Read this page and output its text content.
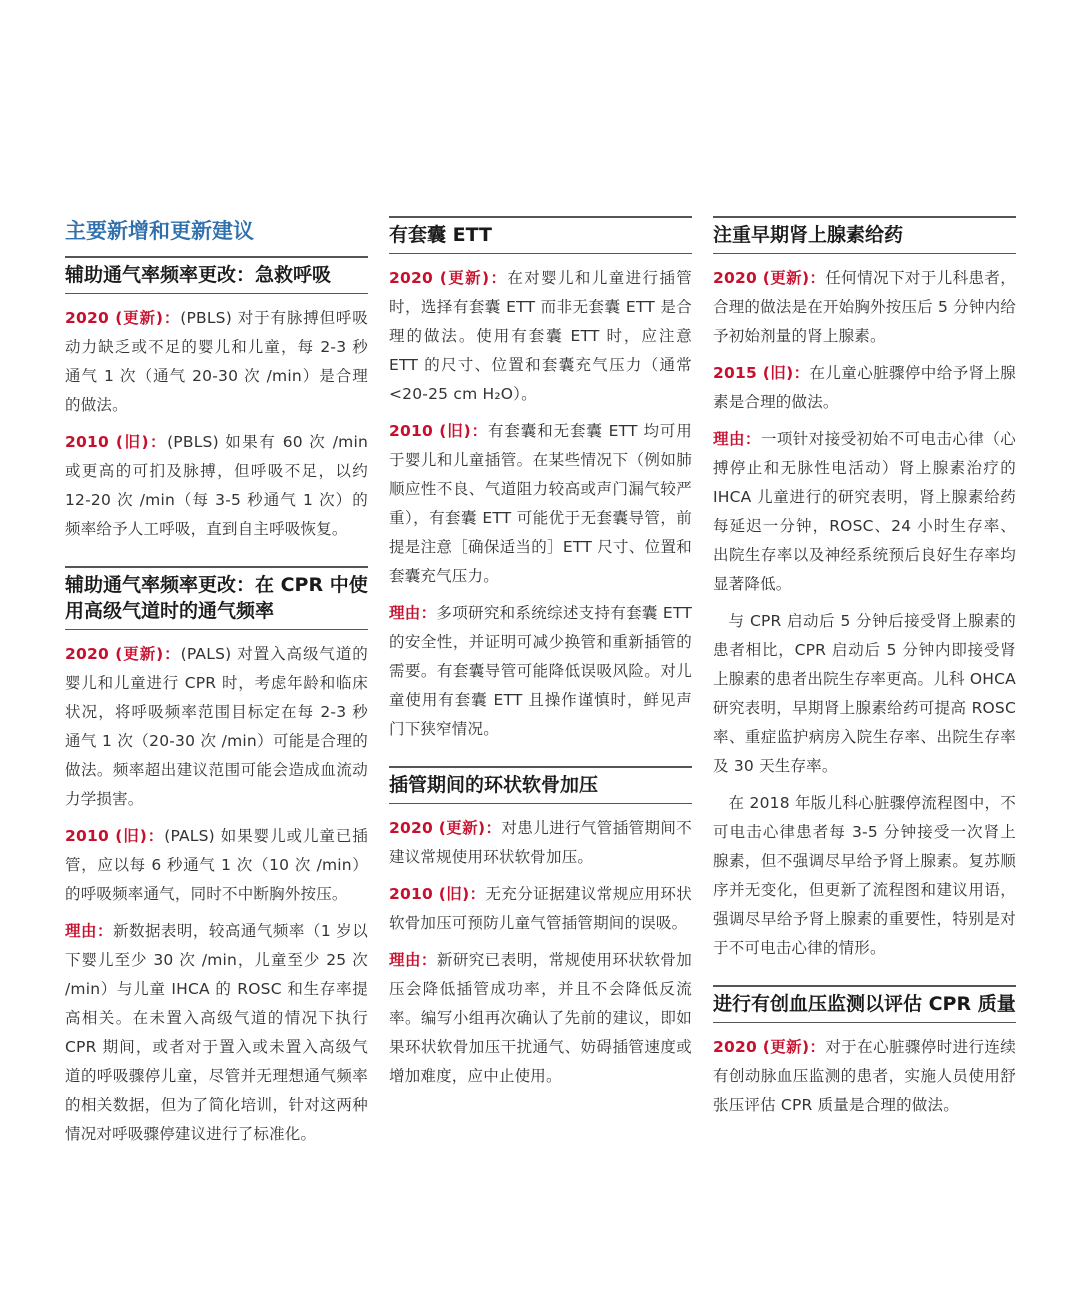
主要新增和更新建议
辅助通气率频率更改：急救呼吸

2020 (更新)：(PBLS) 对于有脉搏但呼吸动力缺乏或不足的婴儿和儿童，每 2-3 秒通气 1 次（通气 20-30 次 /min）是合理的做法。

2010 (旧)：(PBLS) 如果有 60 次 /min 或更高的可扪及脉搏，但呼吸不足，以约 12-20 次 /min（每 3-5 秒通气 1 次）的频率给予人工呼吸，直到自主呼吸恢复。

辅助通气率频率更改：在 CPR 中使用高级气道时的通气频率

2020 (更新)：(PALS) 对置入高级气道的婴儿和儿童进行 CPR 时，考虑年龄和临床状况，将呼吸频率范围目标定在每 2-3 秒通气 1 次（20-30 次 /min）可能是合理的做法。频率超出建议范围可能会造成血流动力学损害。

2010 (旧)：(PALS) 如果婴儿或儿童已插管，应以每 6 秒通气 1 次（10 次 /min）的呼吸频率通气，同时不中断胸外按压。

理由：新数据表明，较高通气频率（1 岁以下婴儿至少 30 次 /min，儿童至少 25 次 /min）与儿童 IHCA 的 ROSC 和生存率提高相关。在未置入高级气道的情况下执行 CPR 期间，或者对于置入或未置入高级气道的呼吸骤停儿童，尽管并无理想通气频率的相关数据，但为了简化培训，针对这两种情况对呼吸骤停建议进行了标准化。

有套囊 ETT

2020 (更新)：在对婴儿和儿童进行插管时，选择有套囊 ETT 而非无套囊 ETT 是合理的做法。使用有套囊 ETT 时，应注意 ETT 的尺寸、位置和套囊充气压力（通常 <20-25 cm H₂O）。

2010 (旧)：有套囊和无套囊 ETT 均可用于婴儿和儿童插管。在某些情况下（例如肺顺应性不良、气道阻力较高或声门漏气较严重），有套囊 ETT 可能优于无套囊导管，前提是注意［确保适当的］ETT 尺寸、位置和套囊充气压力。

理由：多项研究和系统综述支持有套囊 ETT 的安全性，并证明可减少换管和重新插管的需要。有套囊导管可能降低误吸风险。对儿童使用有套囊 ETT 且操作谨慎时，鲜见声门下狭窄情况。

插管期间的环状软骨加压

2020 (更新)：对患儿进行气管插管期间不建议常规使用环状软骨加压。

2010 (旧)：无充分证据建议常规应用环状软骨加压可预防儿童气管插管期间的误吸。

理由：新研究已表明，常规使用环状软骨加压会降低插管成功率，并且不会降低反流率。编写小组再次确认了先前的建议，即如果环状软骨加压干扰通气、妨碍插管速度或增加难度，应中止使用。

注重早期肾上腺素给药

2020 (更新)：任何情况下对于儿科患者，合理的做法是在开始胸外按压后 5 分钟内给予初始剂量的肾上腺素。

2015 (旧)：在儿童心脏骤停中给予肾上腺素是合理的做法。

理由：一项针对接受初始不可电击心律（心搏停止和无脉性电活动）肾上腺素治疗的 IHCA 儿童进行的研究表明，肾上腺素给药每延迟一分钟，ROSC、24 小时生存率、出院生存率以及神经系统预后良好生存率均显著降低。

与 CPR 启动后 5 分钟后接受肾上腺素的患者相比，CPR 启动后 5 分钟内即接受肾上腺素的患者出院生存率更高。儿科 OHCA 研究表明，早期肾上腺素给药可提高 ROSC 率、重症监护病房入院生存率、出院生存率及 30 天生存率。

在 2018 年版儿科心脏骤停流程图中，不可电击心律患者每 3-5 分钟接受一次肾上腺素，但不强调尽早给予肾上腺素。复苏顺序并无变化，但更新了流程图和建议用语，强调尽早给予肾上腺素的重要性，特别是对于不可电击心律的情形。

进行有创血压监测以评估 CPR 质量

2020 (更新)：对于在心脏骤停时进行连续有创动脉血压监测的患者，实施人员使用舒张压评估 CPR 质量是合理的做法。
